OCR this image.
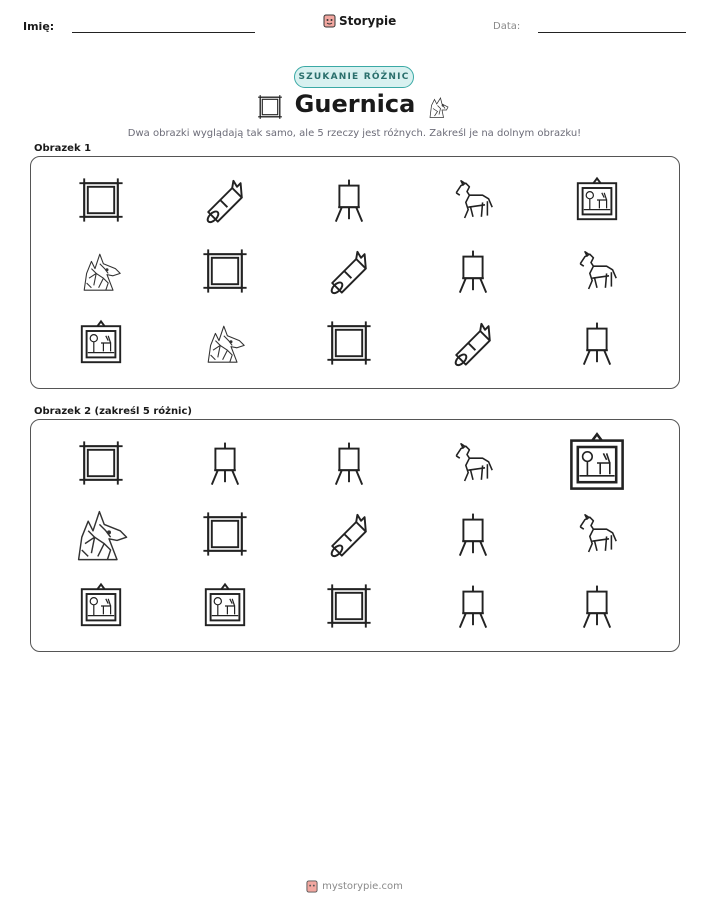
Imię:	Storypie	Data:
SZUKANIE RÓŻNIC
Guernica
Dwa obrazki wyglądają tak samo, ale 5 rzeczy jest różnych. Zakreśl je na dolnym obrazku!
Obrazek 1
Obrazek 2 (zakreśl 5 różnic)
mystorypie.com
